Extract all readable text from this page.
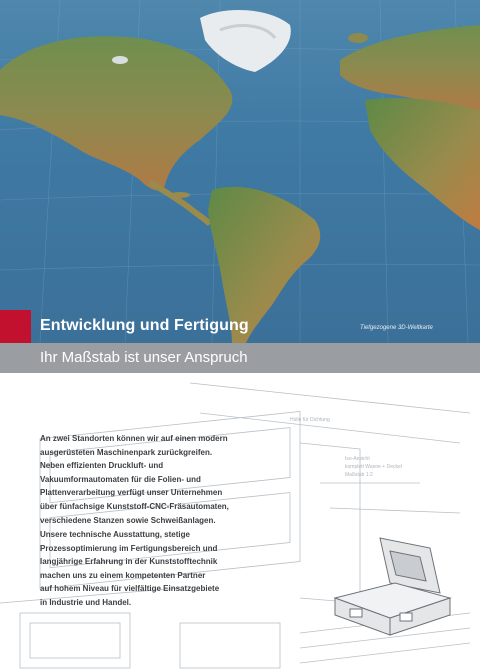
Entwicklung und Fertigung	Tiefgezogene 3D-Weltkarte
Ihr Maßstab ist unser Anspruch
Iso-Ansicht
komplett Wanne + Deckel
Maßstab 1:2
Hülle für Dichtung

An zwei Standorten können wir auf einen modern

ausgerüsteten Maschinenpark zurückgreifen.

Neben effizienten Druckluft- und

Vakuumformautomaten für die Folien- und

Plattenverarbeitung verfügt unser Unternehmen

über fünfachsige Kunststoff-CNC-Fräsautomaten,

verschiedene Stanzen sowie Schweißanlagen.

Unsere technische Ausstattung, stetige

Prozessoptimierung im Fertigungsbereich und

langjährige Erfahrung in der Kunststofftechnik

machen uns zu einem kompetenten Partner

auf hohem Niveau für vielfältige Einsatzgebiete

in Industrie und Handel.
